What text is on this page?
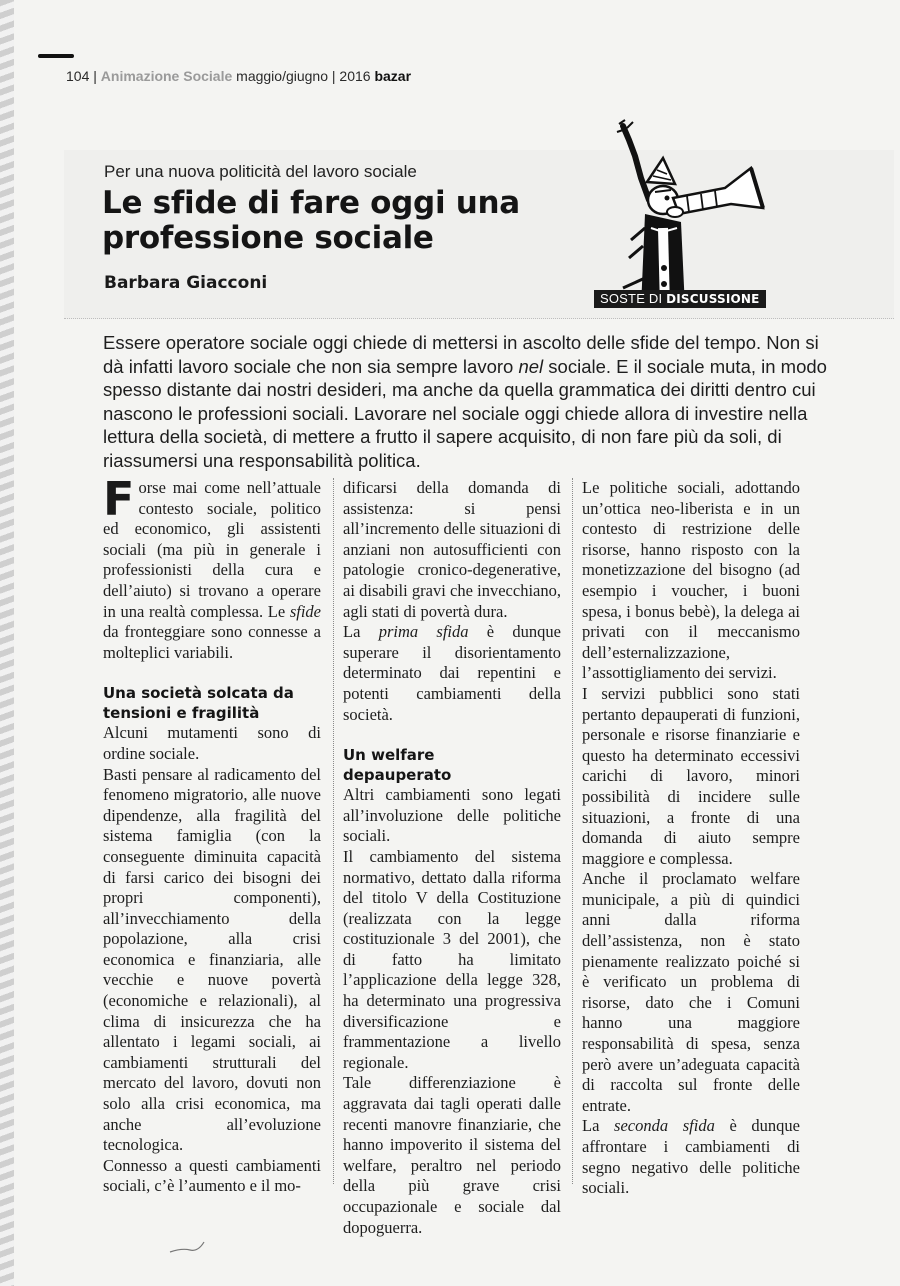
104 | Animazione Sociale maggio/giugno | 2016 bazar
Per una nuova politicità del lavoro sociale
Le sfide di fare oggi una professione sociale
Barbara Giacconi
SOSTE DI DISCUSSIONE
Essere operatore sociale oggi chiede di mettersi in ascolto delle sfide del tempo. Non si dà infatti lavoro sociale che non sia sempre lavoro nel sociale. E il sociale muta, in modo spesso distante dai nostri desideri, ma anche da quella grammatica dei diritti dentro cui nascono le professioni sociali. Lavorare nel sociale oggi chiede allora di investire nella lettura della società, di mettere a frutto il sapere acquisito, di non fare più da soli, di riassumersi una responsabilità politica.

Forse mai come nell’attuale contesto sociale, politico ed economico, gli assistenti sociali (ma più in generale i professionisti della cura e dell’aiuto) si trovano a operare in una realtà complessa. Le sfide da fronteggiare sono connesse a molteplici variabili.

Una società solcata da tensioni e fragilità

Alcuni mutamenti sono di ordine sociale.

Basti pensare al radicamento del fenomeno migratorio, alle nuove dipendenze, alla fragilità del sistema famiglia (con la conseguente diminuita capacità di farsi carico dei bisogni dei propri componenti), all’invecchiamento della popolazione, alla crisi economica e finanziaria, alle vecchie e nuove povertà (economiche e relazionali), al clima di insicurezza che ha allentato i legami sociali, ai cambiamenti strutturali del mercato del lavoro, dovuti non solo alla crisi economica, ma anche all’evoluzione tecnologica.

Connesso a questi cambiamenti sociali, c’è l’aumento e il mo-

dificarsi della domanda di assistenza: si pensi all’incremento delle situazioni di anziani non autosufficienti con patologie cronico-degenerative, ai disabili gravi che invecchiano, agli stati di povertà dura.

La prima sfida è dunque superare il disorientamento determinato dai repentini e potenti cambiamenti della società.

Un welfare depauperato

Altri cambiamenti sono legati all’involuzione delle politiche sociali.

Il cambiamento del sistema normativo, dettato dalla riforma del titolo V della Costituzione (realizzata con la legge costituzionale 3 del 2001), che di fatto ha limitato l’applicazione della legge 328, ha determinato una progressiva diversificazione e frammentazione a livello regionale.

Tale differenziazione è aggravata dai tagli operati dalle recenti manovre finanziarie, che hanno impoverito il sistema del welfare, peraltro nel periodo della più grave crisi occupazionale e sociale dal dopoguerra.

Le politiche sociali, adottando un’ottica neo-liberista e in un contesto di restrizione delle risorse, hanno risposto con la monetizzazione del bisogno (ad esempio i voucher, i buoni spesa, i bonus bebè), la delega ai privati con il meccanismo dell’esternalizzazione, l’assottigliamento dei servizi.

I servizi pubblici sono stati pertanto depauperati di funzioni, personale e risorse finanziarie e questo ha determinato eccessivi carichi di lavoro, minori possibilità di incidere sulle situazioni, a fronte di una domanda di aiuto sempre maggiore e complessa.

Anche il proclamato welfare municipale, a più di quindici anni dalla riforma dell’assistenza, non è stato pienamente realizzato poiché si è verificato un problema di risorse, dato che i Comuni hanno una maggiore responsabilità di spesa, senza però avere un’adeguata capacità di raccolta sul fronte delle entrate.

La seconda sfida è dunque affrontare i cambiamenti di segno negativo delle politiche sociali.
